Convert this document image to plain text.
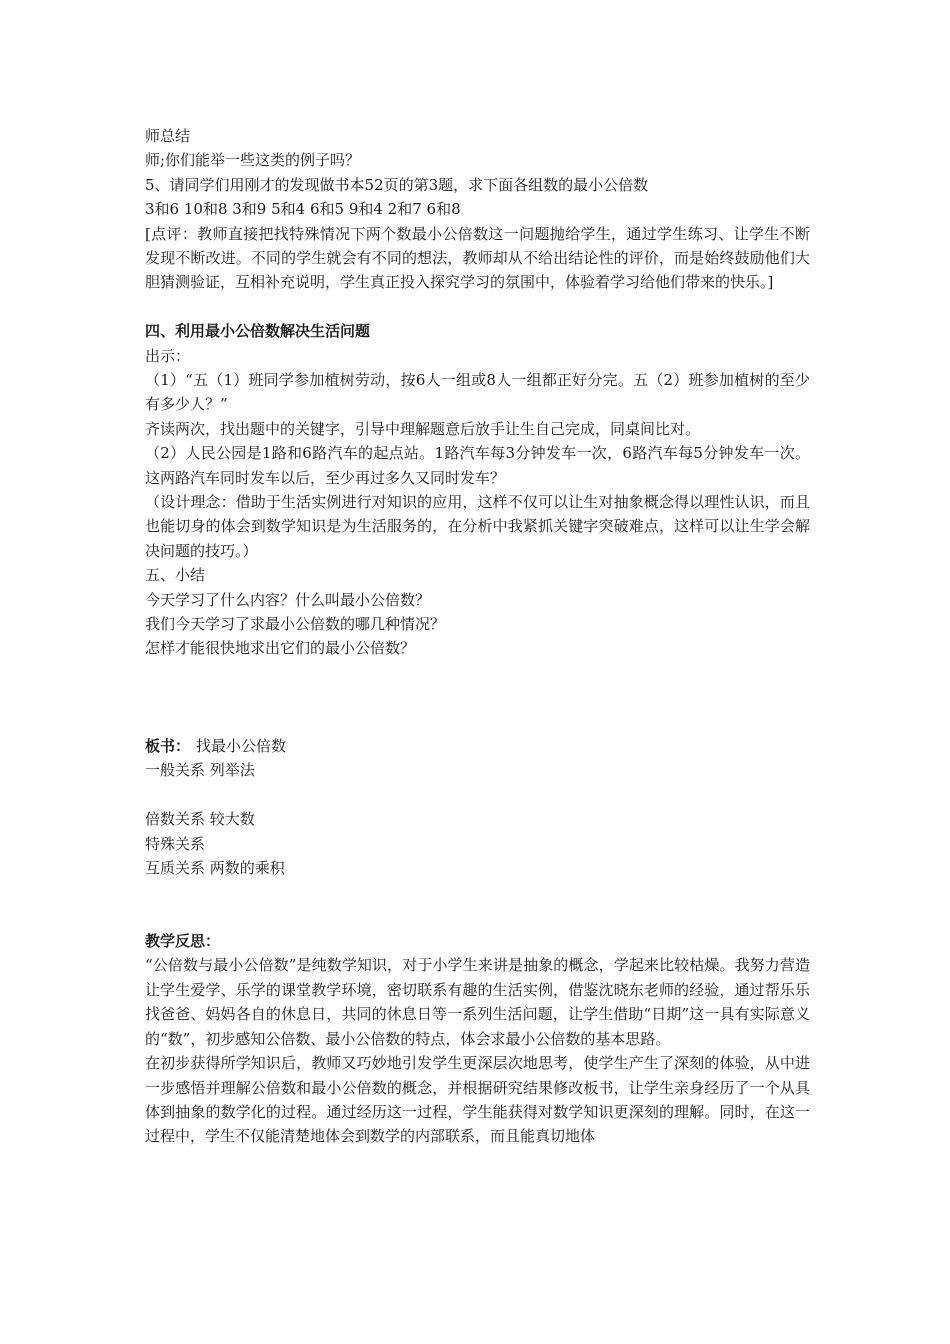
师总结
师;你们能举一些这类的例子吗？
5、请同学们用刚才的发现做书本52页的第3题，求下面各组数的最小公倍数
3和6 10和8 3和9 5和4 6和5 9和4 2和7 6和8
[点评：教师直接把找特殊情况下两个数最小公倍数这一问题抛给学生，通过学生练习、让学生不断发现不断改进。不同的学生就会有不同的想法，教师却从不给出结论性的评价，而是始终鼓励他们大胆猜测验证，互相补充说明，学生真正投入探究学习的氛围中，体验着学习给他们带来的快乐。]
四、利用最小公倍数解决生活问题
出示：
（1）“五（1）班同学参加植树劳动，按6人一组或8人一组都正好分完。五（2）班参加植树的至少有多少人？”
齐读两次，找出题中的关键字，引导中理解题意后放手让生自己完成，同桌间比对。
（2）人民公园是1路和6路汽车的起点站。1路汽车每3分钟发车一次，6路汽车每5分钟发车一次。这两路汽车同时发车以后，至少再过多久又同时发车？
（设计理念：借助于生活实例进行对知识的应用，这样不仅可以让生对抽象概念得以理性认识，而且也能切身的体会到数学知识是为生活服务的，在分析中我紧抓关键字突破难点，这样可以让生学会解决问题的技巧。）
五、小结
今天学习了什么内容？什么叫最小公倍数？
我们今天学习了求最小公倍数的哪几种情况？
怎样才能很快地求出它们的最小公倍数？
板书： 找最小公倍数
一般关系 列举法
倍数关系 较大数
特殊关系
互质关系 两数的乘积
教学反思：
“公倍数与最小公倍数”是纯数学知识，对于小学生来讲是抽象的概念，学起来比较枯燥。我努力营造让学生爱学、乐学的课堂教学环境，密切联系有趣的生活实例，借鉴沈晓东老师的经验，通过帮乐乐找爸爸、妈妈各自的休息日，共同的休息日等一系列生活问题，让学生借助“日期”这一具有实际意义的“数”，初步感知公倍数、最小公倍数的特点，体会求最小公倍数的基本思路。
在初步获得所学知识后，教师又巧妙地引发学生更深层次地思考，使学生产生了深刻的体验，从中进一步感悟并理解公倍数和最小公倍数的概念，并根据研究结果修改板书，让学生亲身经历了一个从具体到抽象的数学化的过程。通过经历这一过程，学生能获得对数学知识更深刻的理解。同时，在这一过程中，学生不仅能清楚地体会到数学的内部联系，而且能真切地体
